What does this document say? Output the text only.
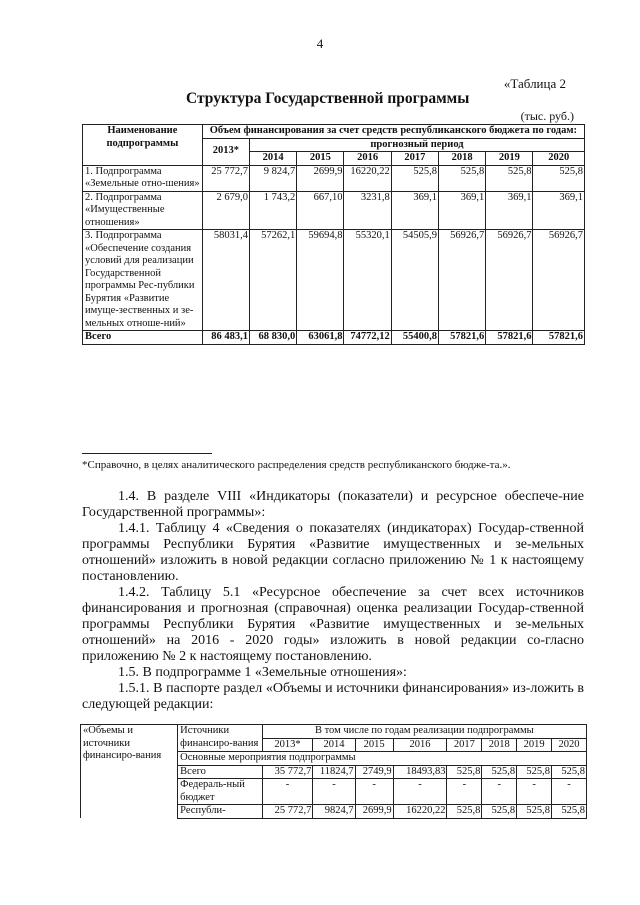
4
«Таблица 2
Структура Государственной программы
(тыс. руб.)
Наименование подпрограммы	Объем финансирования за счет средств республиканского бюджета по годам:							
	2013*	прогнозный период						
		2014	2015	2016	2017	2018	2019	2020
1. Подпрограмма «Земельные отно-шения»	25 772,7	9 824,7	2699,9	16220,22	525,8	525,8	525,8	525,8
2. Подпрограмма «Имущественные отношения»	2 679,0	1 743,2	667,10	3231,8	369,1	369,1	369,1	369,1
3. Подпрограмма «Обеспечение создания условий для реализации Государственной программы Рес-публики Бурятия «Развитие имуще-зественных и зе-мельных отноше-ний»	58031,4	57262,1	59694,8	55320,1	54505,9	56926,7	56926,7	56926,7
Всего	86 483,1	68 830,0	63061,8	74772,12	55400,8	57821,6	57821,6	57821,6
*Справочно, в целях аналитического распределения средств республиканского бюдже-та.».
1.4. В разделе VIII «Индикаторы (показатели) и ресурсное обеспече-ние Государственной программы»:
1.4.1. Таблицу 4 «Сведения о показателях (индикаторах) Государ-ственной программы Республики Бурятия «Развитие имущественных и зе-мельных отношений» изложить в новой редакции согласно приложению № 1 к настоящему постановлению.
1.4.2. Таблицу 5.1 «Ресурсное обеспечение за счет всех источников финансирования и прогнозная (справочная) оценка реализации Государ-ственной программы Республики Бурятия «Развитие имущественных и зе-мельных отношений» на 2016 - 2020 годы» изложить в новой редакции со-гласно приложению № 2 к настоящему постановлению.
1.5. В подпрограмме 1 «Земельные отношения»:
1.5.1. В паспорте раздел «Объемы и источники финансирования» из-ложить в следующей редакции:
«Объемы и источники финансиро-вания	Источники финансиро-вания	В том числе по годам реализации подпрограммы							
		2013*	2014	2015	2016	2017	2018	2019	2020
	Основные мероприятия подпрограммы								
	Всего	35 772,7	11824,7	2749,9	18493,83	525,8	525,8	525,8	525,8
	Федераль-ный бюджет	-	-	-	-	-	-	-	-
	Республи-	25 772,7	9824,7	2699,9	16220,22	525,8	525,8	525,8	525,8
